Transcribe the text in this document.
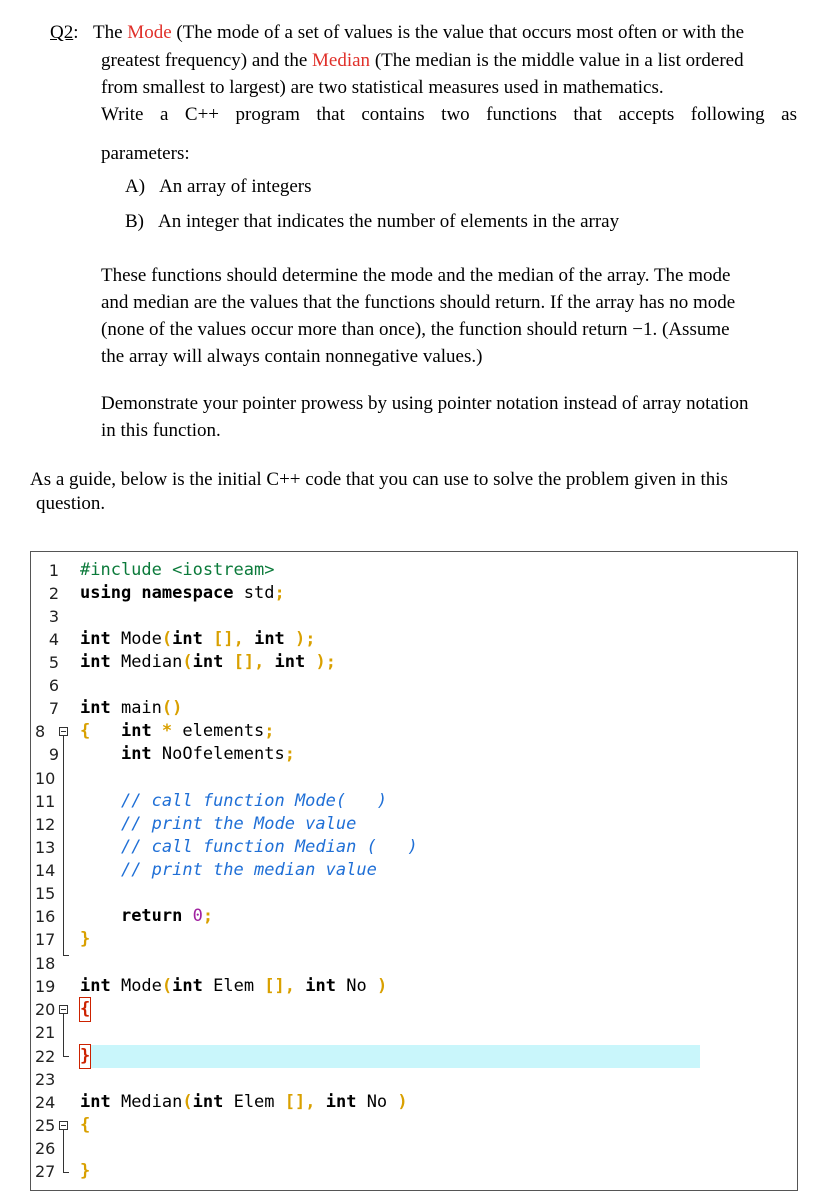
Q2: The Mode (The mode of a set of values is the value that occurs most often or with the
greatest frequency) and the Median (The median is the middle value in a list ordered
from smallest to largest) are two statistical measures used in mathematics.
Write a C++ program that contains two functions that accepts following as
parameters:
A) An array of integers
B) An integer that indicates the number of elements in the array
These functions should determine the mode and the median of the array. The mode
and median are the values that the functions should return. If the array has no mode
(none of the values occur more than once), the function should return −1. (Assume
the array will always contain nonnegative values.)
Demonstrate your pointer prowess by using pointer notation instead of array notation
in this function.
As a guide, below is the initial C++ code that you can use to solve the problem given in this
question.
1
2
3
4
5
6
7
8
9
10
11
12
13
14
15
16
17
18
19
20
21
22
23
24
25
26
27
#include <iostream>
using namespace std;
int Mode(int [], int );
int Median(int [], int );
int main()
{ int * elements;
int NoOfelements;
// call function Mode(   )
// print the Mode value
// call function Median (   )
// print the median value
return 0;
}
int Mode(int Elem [], int No )
{
}
int Median(int Elem [], int No )
{
}
